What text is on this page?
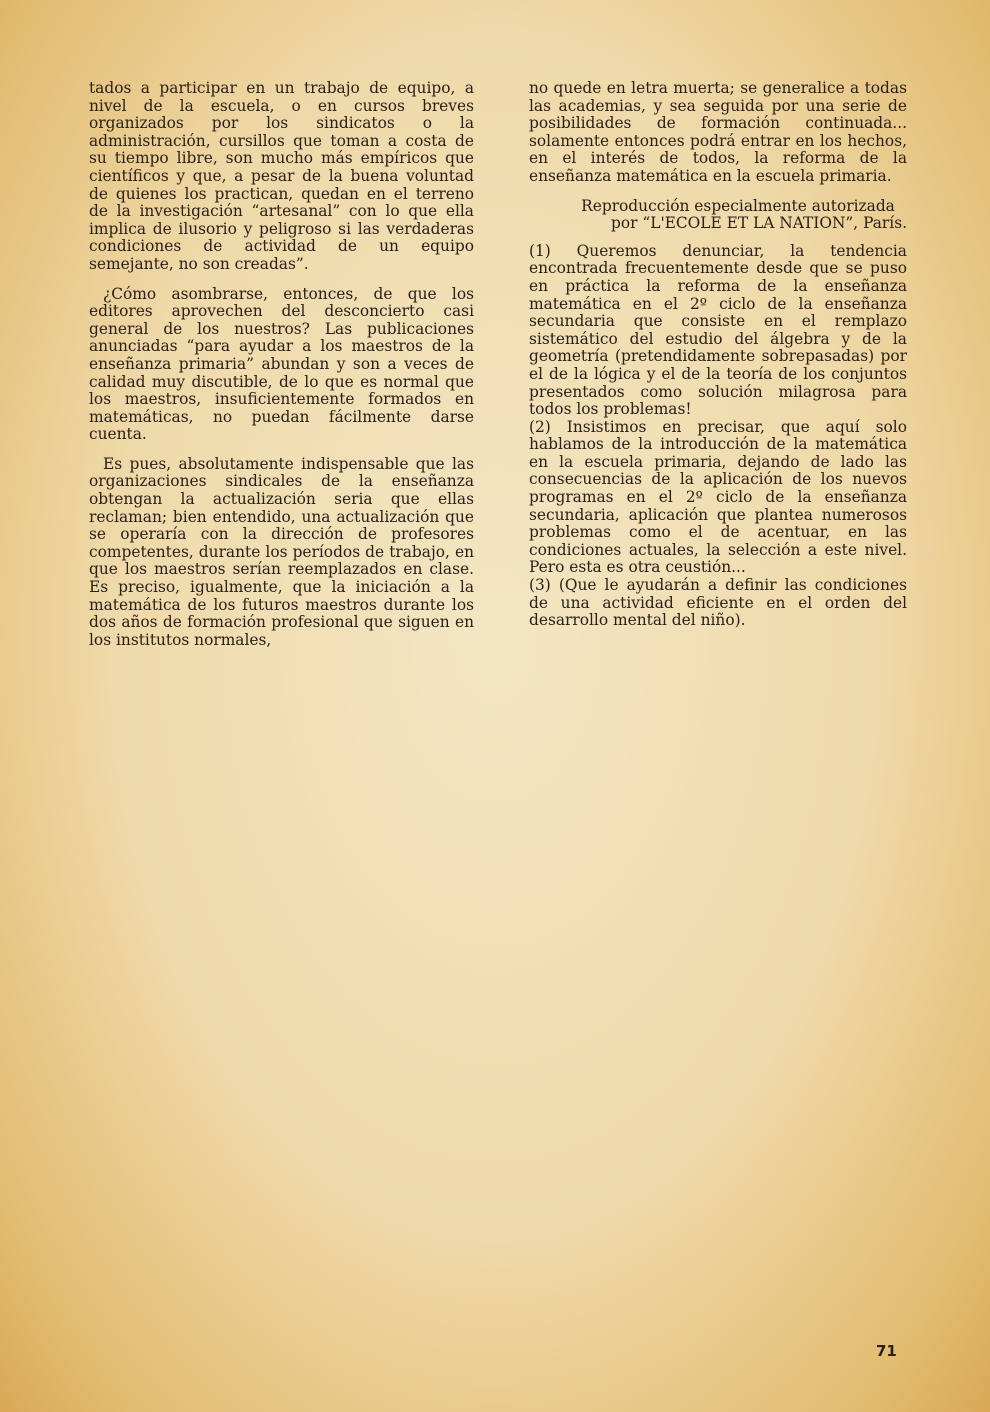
tados a participar en un trabajo de equipo, a nivel de la escuela, o en cursos breves organizados por los sindicatos o la administración, cursillos que toman a costa de su tiempo libre, son mucho más empíricos que científicos y que, a pesar de la buena voluntad de quienes los practican, quedan en el terreno de la investigación “artesanal” con lo que ella implica de ilusorio y peligroso si las verdaderas condiciones de actividad de un equipo semejante, no son creadas”.

¿Cómo asombrarse, entonces, de que los editores aprovechen del desconcierto casi general de los nuestros? Las publicaciones anunciadas “para ayudar a los maestros de la enseñanza primaria” abundan y son a veces de calidad muy discutible, de lo que es normal que los maestros, insuficientemente formados en matemáticas, no puedan fácilmente darse cuenta.

Es pues, absolutamente indispensable que las organizaciones sindicales de la enseñanza obtengan la actualización seria que ellas reclaman; bien entendido, una actualización que se operaría con la dirección de profesores competentes, durante los períodos de trabajo, en que los maestros serían reemplazados en clase. Es preciso, igualmente, que la iniciación a la matemática de los futuros maestros durante los dos años de formación profesional que siguen en los institutos normales,

no quede en letra muerta; se generalice a todas las academias, y sea seguida por una serie de posibilidades de formación continuada... solamente entonces podrá entrar en los hechos, en el interés de todos, la reforma de la enseñanza matemática en la escuela primaria.

Reproducción especialmente autorizada
por “L'ECOLE ET LA NATION”, París.

(1) Queremos denunciar, la tendencia encontrada frecuentemente desde que se puso en práctica la reforma de la enseñanza matemática en el 2º ciclo de la enseñanza secundaria que consiste en el remplazo sistemático del estudio del álgebra y de la geometría (pretendidamente sobrepasadas) por el de la lógica y el de la teoría de los conjuntos presentados como solución milagrosa para todos los problemas!

(2) Insistimos en precisar, que aquí solo hablamos de la introducción de la matemática en la escuela primaria, dejando de lado las consecuencias de la aplicación de los nuevos programas en el 2º ciclo de la enseñanza secundaria, aplicación que plantea numerosos problemas como el de acentuar, en las condiciones actuales, la selección a este nivel. Pero esta es otra ceustión...

(3) (Que le ayudarán a definir las condiciones de una actividad eficiente en el orden del desarrollo mental del niño).

71
